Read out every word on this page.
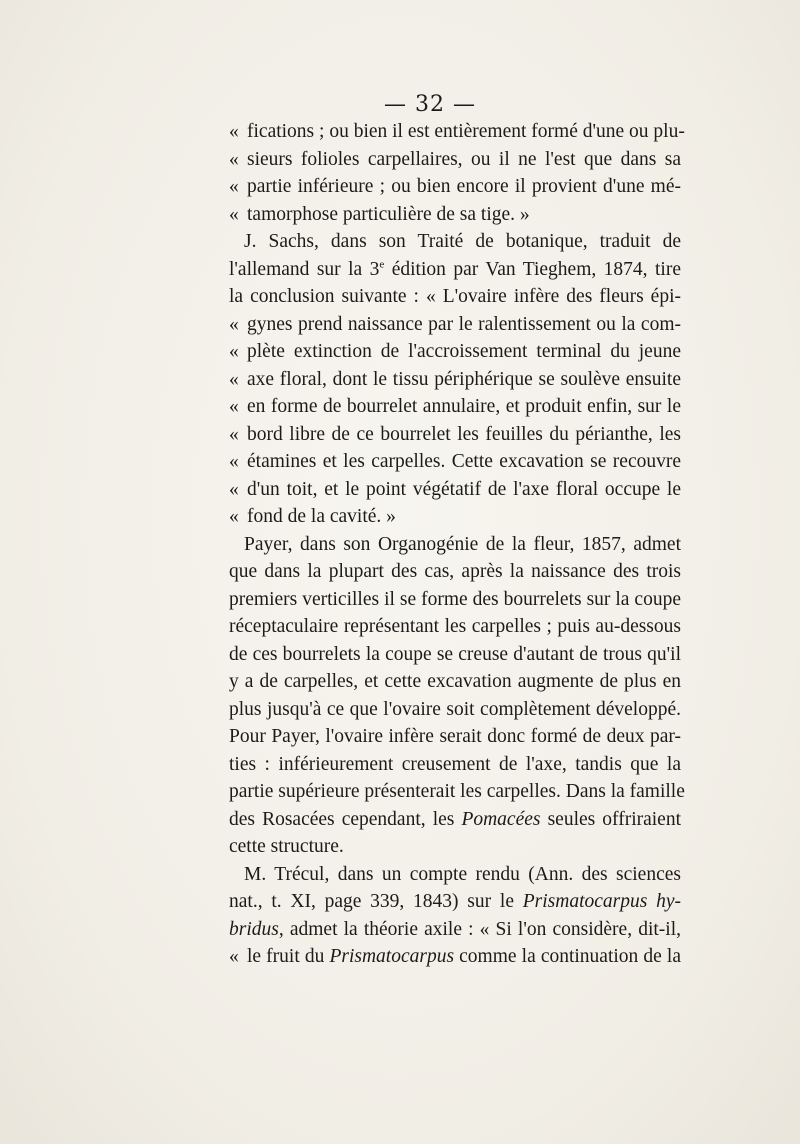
— 32 —
« fications ; ou bien il est entièrement formé d'une ou plu-
« sieurs folioles carpellaires, ou il ne l'est que dans sa
« partie inférieure ; ou bien encore il provient d'une mé-
« tamorphose particulière de sa tige. »
J. Sachs, dans son Traité de botanique, traduit de
l'allemand sur la 3e édition par Van Tieghem, 1874, tire
la conclusion suivante : « L'ovaire infère des fleurs épi-
« gynes prend naissance par le ralentissement ou la com-
« plète extinction de l'accroissement terminal du jeune
« axe floral, dont le tissu périphérique se soulève ensuite
« en forme de bourrelet annulaire, et produit enfin, sur le
« bord libre de ce bourrelet les feuilles du périanthe, les
« étamines et les carpelles. Cette excavation se recouvre
« d'un toit, et le point végétatif de l'axe floral occupe le
« fond de la cavité. »
Payer, dans son Organogénie de la fleur, 1857, admet
que dans la plupart des cas, après la naissance des trois
premiers verticilles il se forme des bourrelets sur la coupe
réceptaculaire représentant les carpelles ; puis au-dessous
de ces bourrelets la coupe se creuse d'autant de trous qu'il
y a de carpelles, et cette excavation augmente de plus en
plus jusqu'à ce que l'ovaire soit complètement développé.
Pour Payer, l'ovaire infère serait donc formé de deux par-
ties : inférieurement creusement de l'axe, tandis que la
partie supérieure présenterait les carpelles. Dans la famille
des Rosacées cependant, les Pomacées seules offriraient
cette structure.
M. Trécul, dans un compte rendu (Ann. des sciences
nat., t. XI, page 339, 1843) sur le Prismatocarpus hy-
bridus, admet la théorie axile : « Si l'on considère, dit-il,
« le fruit du Prismatocarpus comme la continuation de la
